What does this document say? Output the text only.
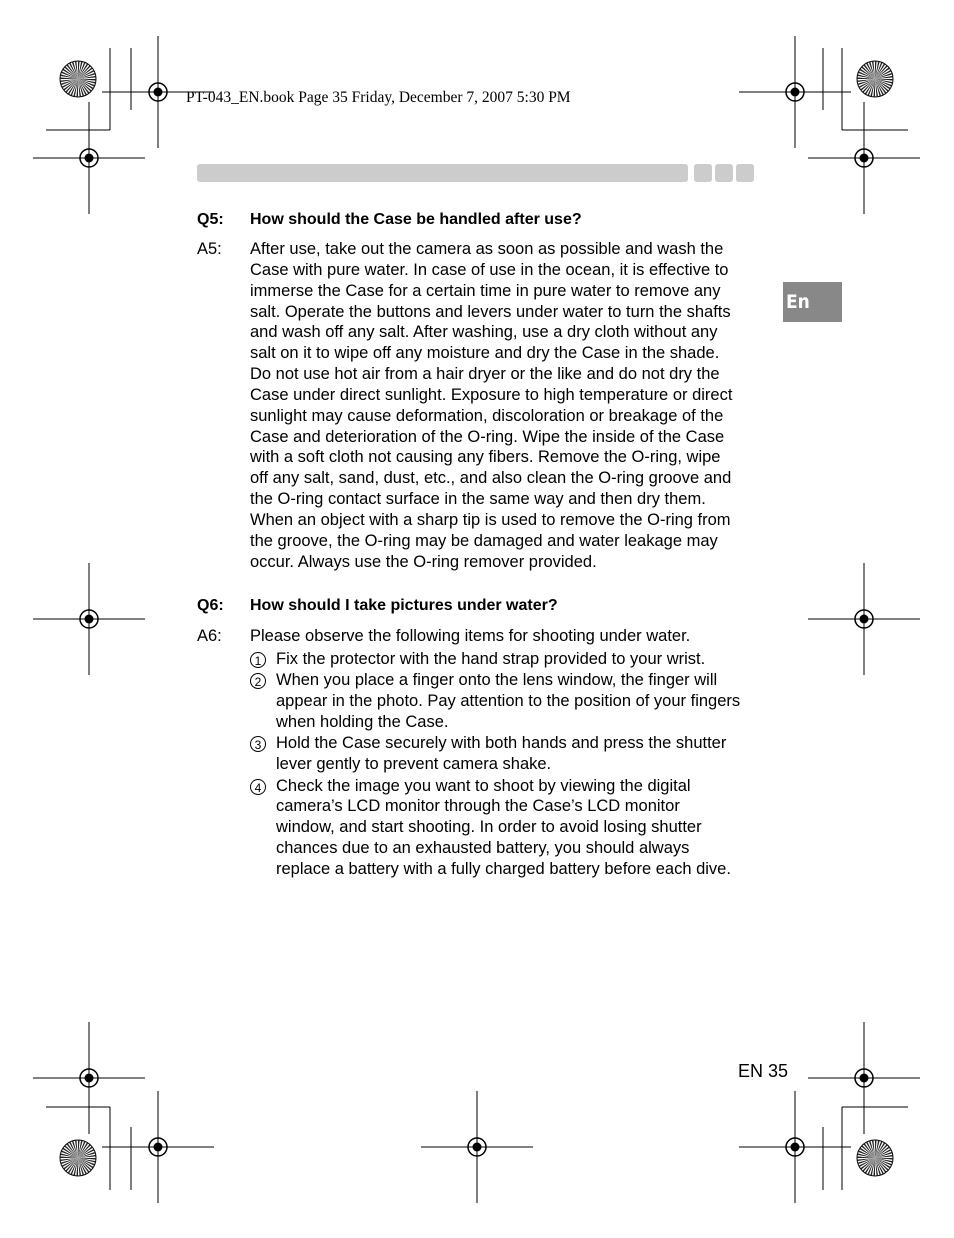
PT-043_EN.book Page 35 Friday, December 7, 2007 5:30 PM
En
Q5: How should the Case be handled after use?
A5: After use, take out the camera as soon as possible and wash the
Case with pure water. In case of use in the ocean, it is effective to
immerse the Case for a certain time in pure water to remove any
salt. Operate the buttons and levers under water to turn the shafts
and wash off any salt. After washing, use a dry cloth without any
salt on it to wipe off any moisture and dry the Case in the shade.
Do not use hot air from a hair dryer or the like and do not dry the
Case under direct sunlight. Exposure to high temperature or direct
sunlight may cause deformation, discoloration or breakage of the
Case and deterioration of the O-ring. Wipe the inside of the Case
with a soft cloth not causing any fibers. Remove the O-ring, wipe
off any salt, sand, dust, etc., and also clean the O-ring groove and
the O-ring contact surface in the same way and then dry them.
When an object with a sharp tip is used to remove the O-ring from
the groove, the O-ring may be damaged and water leakage may
occur. Always use the O-ring remover provided.
Q6: How should I take pictures under water?
A6: Please observe the following items for shooting under water.
1 Fix the protector with the hand strap provided to your wrist.
2 When you place a finger onto the lens window, the finger will
appear in the photo. Pay attention to the position of your fingers
when holding the Case.
3 Hold the Case securely with both hands and press the shutter
lever gently to prevent camera shake.
4 Check the image you want to shoot by viewing the digital
camera’s LCD monitor through the Case’s LCD monitor
window, and start shooting. In order to avoid losing shutter
chances due to an exhausted battery, you should always
replace a battery with a fully charged battery before each dive.
EN 35
